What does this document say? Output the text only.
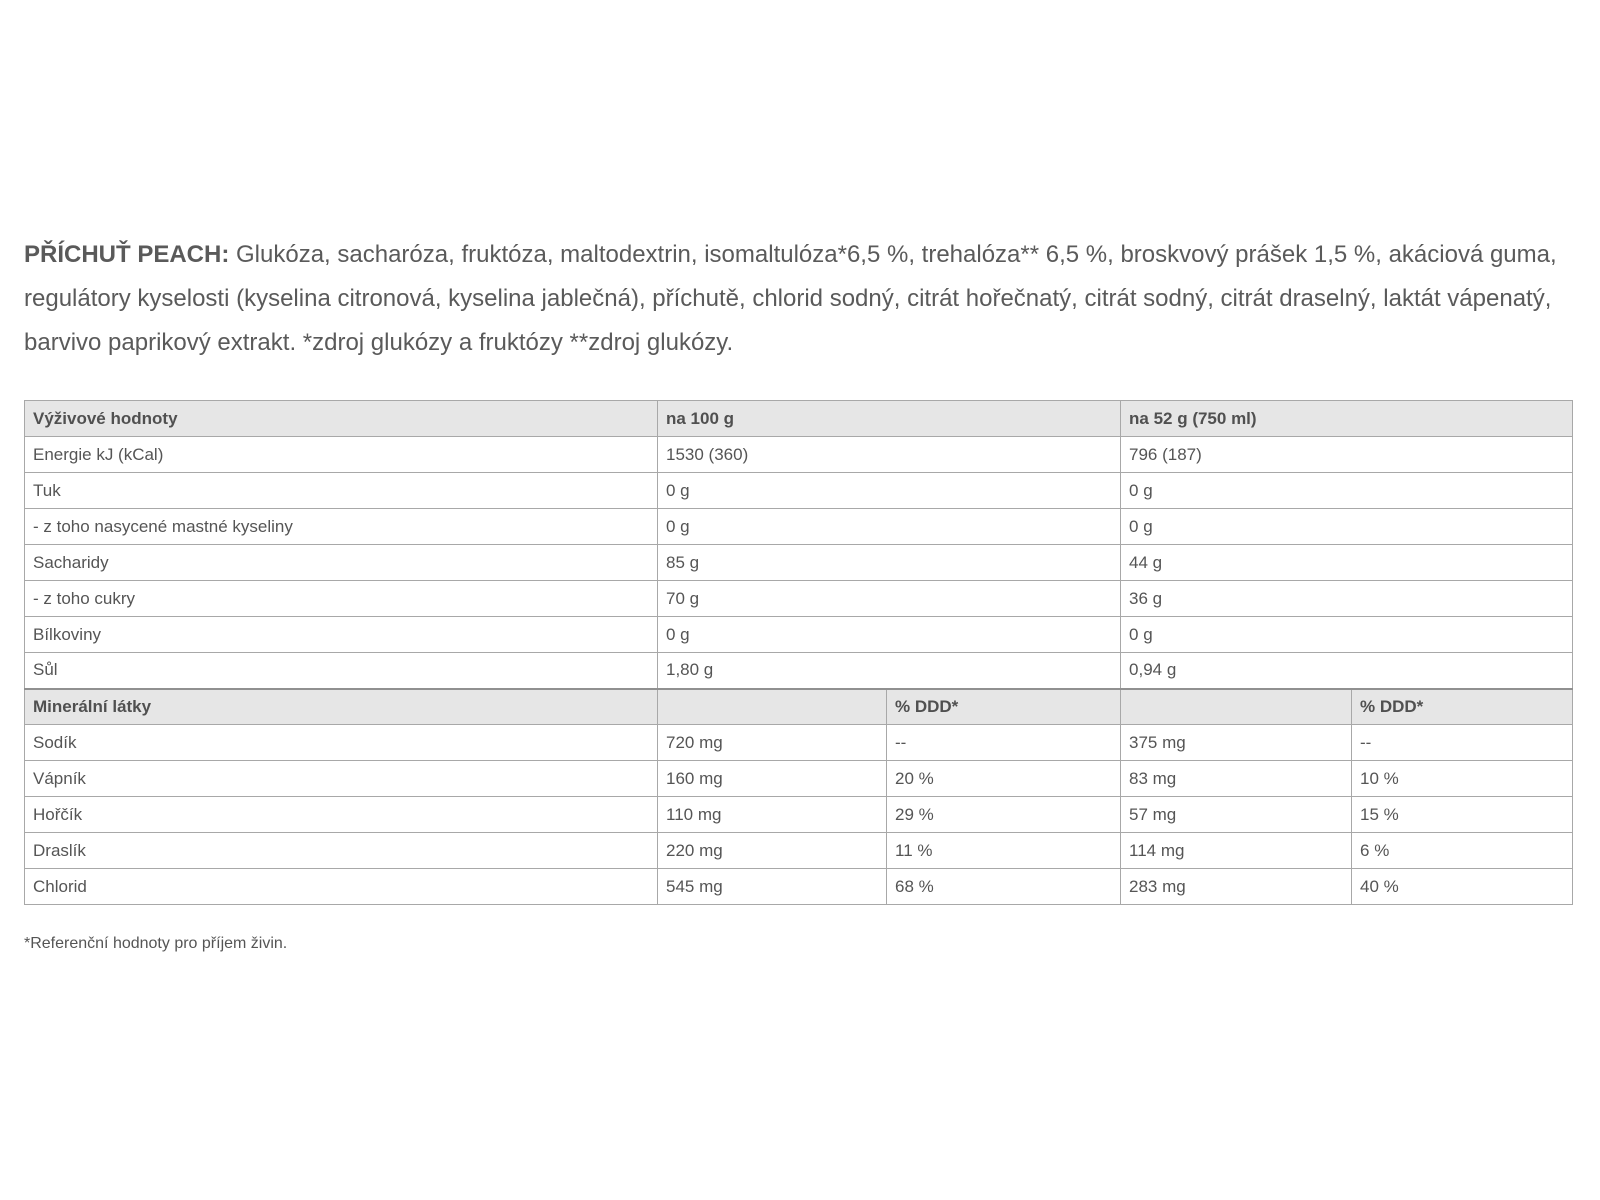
PŘÍCHUŤ PEACH: Glukóza, sacharóza, fruktóza, maltodextrin, isomaltulóza*6,5 %, trehalóza** 6,5 %, broskvový prášek 1,5 %, akáciová guma, regulátory kyselosti (kyselina citronová, kyselina jablečná), příchutě, chlorid sodný, citrát hořečnatý, citrát sodný, citrát draselný, laktát vápenatý, barvivo paprikový extrakt. *zdroj glukózy a fruktózy **zdroj glukózy.
Výživové hodnoty	na 100 g		na 52 g (750 ml)	
Energie kJ (kCal)	1530 (360)		796 (187)	
Tuk	0 g		0 g	
- z toho nasycené mastné kyseliny	0 g		0 g	
Sacharidy	85 g		44 g	
- z toho cukry	70 g		36 g	
Bílkoviny	0 g		0 g	
Sůl	1,80 g		0,94 g	
Minerální látky		% DDD*		% DDD*
Sodík	720 mg	--	375 mg	--
Vápník	160 mg	20 %	83 mg	10 %
Hořčík	110 mg	29 %	57 mg	15 %
Draslík	220 mg	11 %	114 mg	6 %
Chlorid	545 mg	68 %	283 mg	40 %
*Referenční hodnoty pro příjem živin.
